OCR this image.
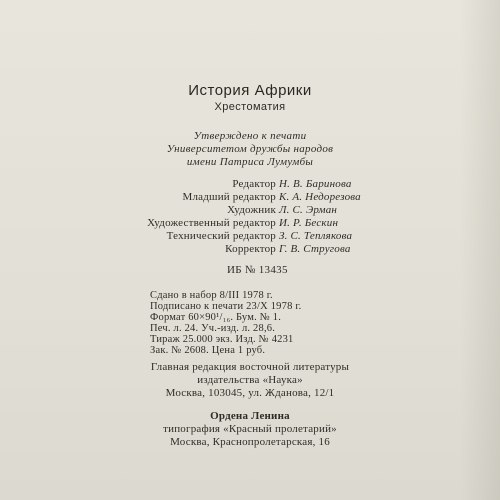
История Африки
Хрестоматия
Утверждено к печати
Университетом дружбы народов
имени Патриса Лумумбы
Редактор Н. В. Баринова
Младший редактор К. А. Недорезова
Художник Л. С. Эрман
Художественный редактор И. Р. Бескин
Технический редактор З. С. Теплякова
Корректор Г. В. Стругова
ИБ № 13435
Сдано в набор 8/III 1978 г.
Подписано к печати 23/X 1978 г.
Формат 60×90¹/₁₆. Бум. № 1.
Печ. л. 24. Уч.-изд. л. 28,6.
Тираж 25.000 экз. Изд. № 4231
Зак. № 2608. Цена 1 руб.
Главная редакция восточной литературы
издательства «Наука»
Москва, 103045, ул. Жданова, 12/1
Ордена Ленина
типография «Красный пролетарий»
Москва, Краснопролетарская, 16
